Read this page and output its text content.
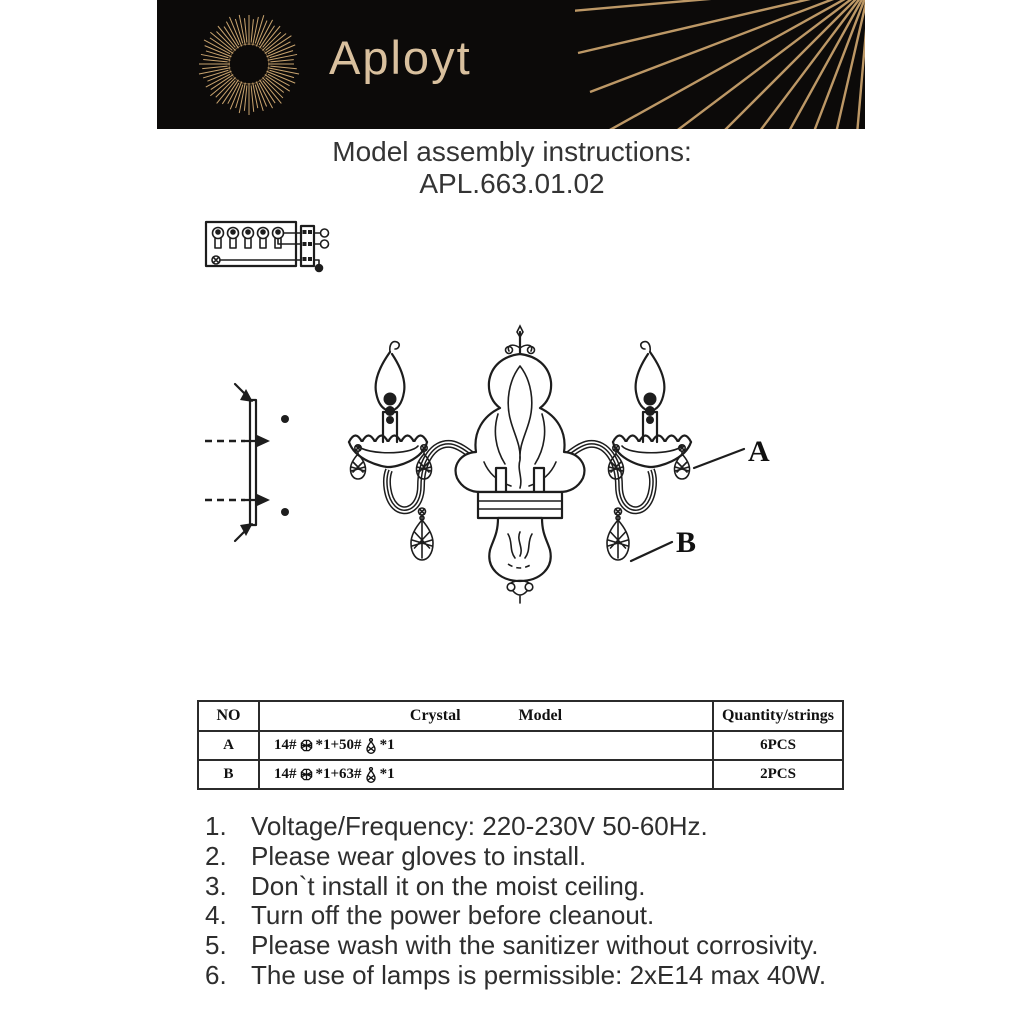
Aployt
Model assembly instructions:
APL.663.01.02
A
B
NO	Crystal Model	Quantity/strings
A	14# *1+50# *1	6PCS
B	14# *1+63# *1	2PCS
1. Voltage/Frequency: 220-230V 50-60Hz.
2. Please wear gloves to install.
3. Don`t install it on the moist ceiling.
4. Turn off the power before cleanout.
5. Please wash with the sanitizer without corrosivity.
6. The use of lamps is permissible: 2xE14 max 40W.
